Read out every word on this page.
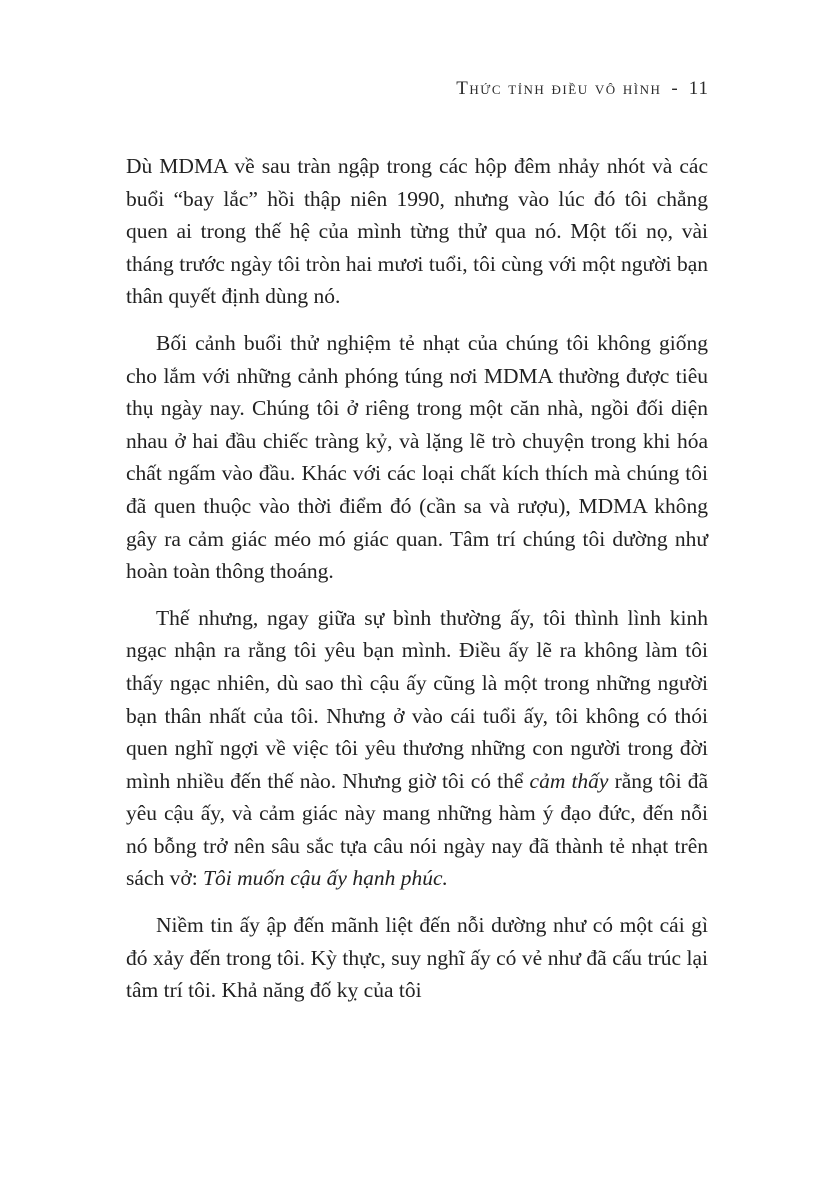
Thức tỉnh điều vô hình - 11

Dù MDMA về sau tràn ngập trong các hộp đêm nhảy nhót và các buổi “bay lắc” hồi thập niên 1990, nhưng vào lúc đó tôi chẳng quen ai trong thế hệ của mình từng thử qua nó. Một tối nọ, vài tháng trước ngày tôi tròn hai mươi tuổi, tôi cùng với một người bạn thân quyết định dùng nó.

Bối cảnh buổi thử nghiệm tẻ nhạt của chúng tôi không giống cho lắm với những cảnh phóng túng nơi MDMA thường được tiêu thụ ngày nay. Chúng tôi ở riêng trong một căn nhà, ngồi đối diện nhau ở hai đầu chiếc tràng kỷ, và lặng lẽ trò chuyện trong khi hóa chất ngấm vào đầu. Khác với các loại chất kích thích mà chúng tôi đã quen thuộc vào thời điểm đó (cần sa và rượu), MDMA không gây ra cảm giác méo mó giác quan. Tâm trí chúng tôi dường như hoàn toàn thông thoáng.

Thế nhưng, ngay giữa sự bình thường ấy, tôi thình lình kinh ngạc nhận ra rằng tôi yêu bạn mình. Điều ấy lẽ ra không làm tôi thấy ngạc nhiên, dù sao thì cậu ấy cũng là một trong những người bạn thân nhất của tôi. Nhưng ở vào cái tuổi ấy, tôi không có thói quen nghĩ ngợi về việc tôi yêu thương những con người trong đời mình nhiều đến thế nào. Nhưng giờ tôi có thể cảm thấy rằng tôi đã yêu cậu ấy, và cảm giác này mang những hàm ý đạo đức, đến nỗi nó bỗng trở nên sâu sắc tựa câu nói ngày nay đã thành tẻ nhạt trên sách vở: Tôi muốn cậu ấy hạnh phúc.

Niềm tin ấy ập đến mãnh liệt đến nỗi dường như có một cái gì đó xảy đến trong tôi. Kỳ thực, suy nghĩ ấy có vẻ như đã cấu trúc lại tâm trí tôi. Khả năng đố kỵ của tôi
